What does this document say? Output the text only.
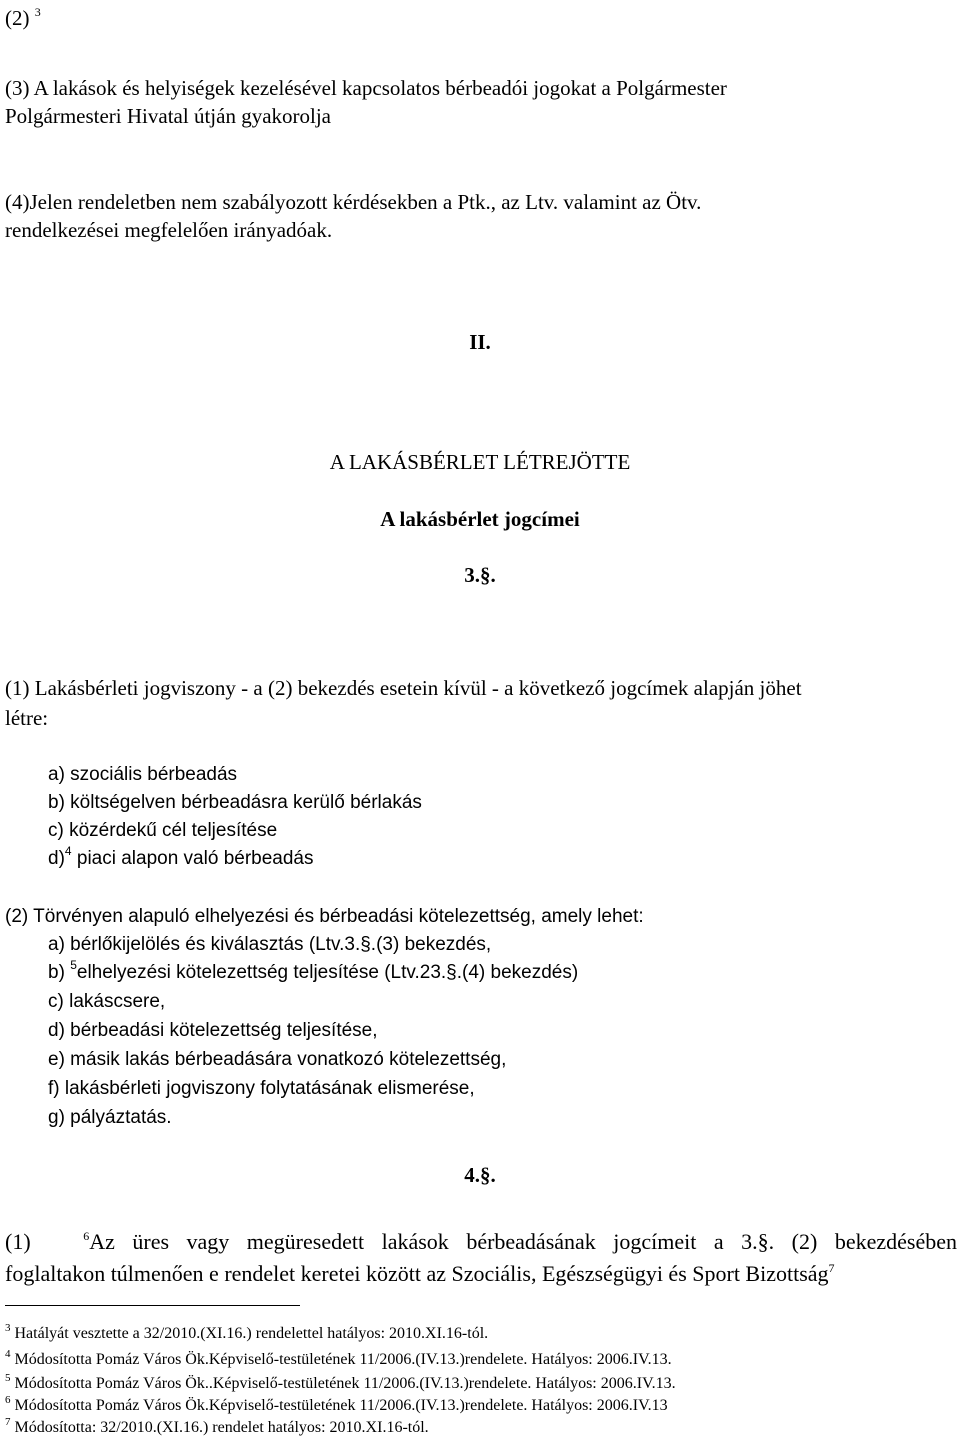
(2) $^3$
(3) A lakások és helyiségek kezelésével kapcsolatos bérbeadói jogokat a Polgármester
Polgármesteri Hivatal útján gyakorolja
(4)Jelen rendeletben nem szabályozott kérdésekben a Ptk., az Ltv. valamint az Ötv.
rendelkezései megfelelően irányadóak.
II.
A LAKÁSBÉRLET LÉTREJÖTTE
A lakásbérlet jogcímei
3.§.
(1) Lakásbérleti jogviszony - a (2) bekezdés esetein kívül - a következő jogcímek alapján jöhet
létre:
a) szociális bérbeadás
b) költségelven bérbeadásra kerülő bérlakás
c) közérdekű cél teljesítése
d)$^4$ piaci alapon való bérbeadás
(2) Törvényen alapuló elhelyezési és bérbeadási kötelezettség, amely lehet:
a) bérlőkijelölés és kiválasztás (Ltv.3.§.(3) bekezdés,
b) $^5$elhelyezési kötelezettség teljesítése (Ltv.23.§.(4) bekezdés)
c) lakáscsere,
d) bérbeadási kötelezettség teljesítése,
e) másik lakás bérbeadására vonatkozó kötelezettség,
f) lakásbérleti jogviszony folytatásának elismerése,
g) pályáztatás.
4.§.
(1)	$^6$Az üres vagy megüresedett lakások bérbeadásának jogcímeit a 3.§. (2) bekezdésében
foglaltakon túlmenően e rendelet keretei között az Szociális, Egészségügyi és Sport Bizottság$^7$
$^3$ Hatályát vesztette a 32/2010.(XI.16.) rendelettel hatályos: 2010.XI.16-tól.
$^4$ Módosította Pomáz Város Ök.Képviselő-testületének 11/2006.(IV.13.)rendelete. Hatályos: 2006.IV.13.
$^5$ Módosította Pomáz Város Ök..Képviselő-testületének 11/2006.(IV.13.)rendelete. Hatályos: 2006.IV.13.
$^6$ Módosította Pomáz Város Ök.Képviselő-testületének 11/2006.(IV.13.)rendelete. Hatályos: 2006.IV.13
$^7$ Módosította: 32/2010.(XI.16.) rendelet hatályos: 2010.XI.16-tól.
